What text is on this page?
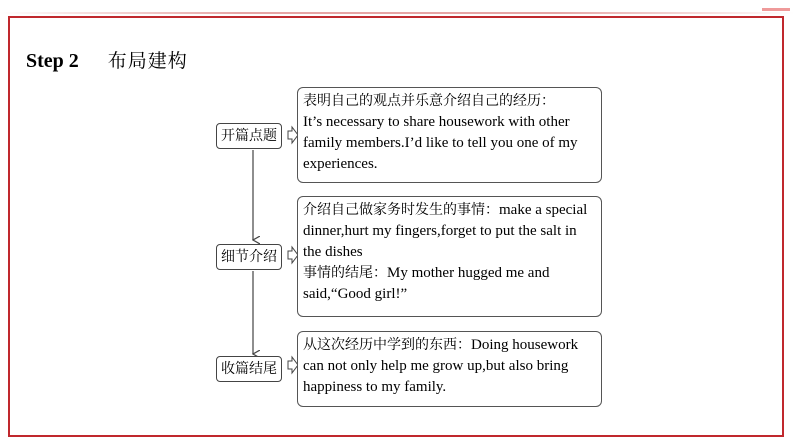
Step 2 布局建构
开篇点题
细节介绍
收篇结尾
表明自己的观点并乐意介绍自己的经历：
It’s necessary to share housework with other family members.I’d like to tell you one of my experiences.
介绍自己做家务时发生的事情：make a special dinner,hurt my fingers,forget to put the salt in the dishes
事情的结尾：My mother hugged me and said,“Good girl!”
从这次经历中学到的东西：Doing housework can not only help me grow up,but also bring happiness to my family.
